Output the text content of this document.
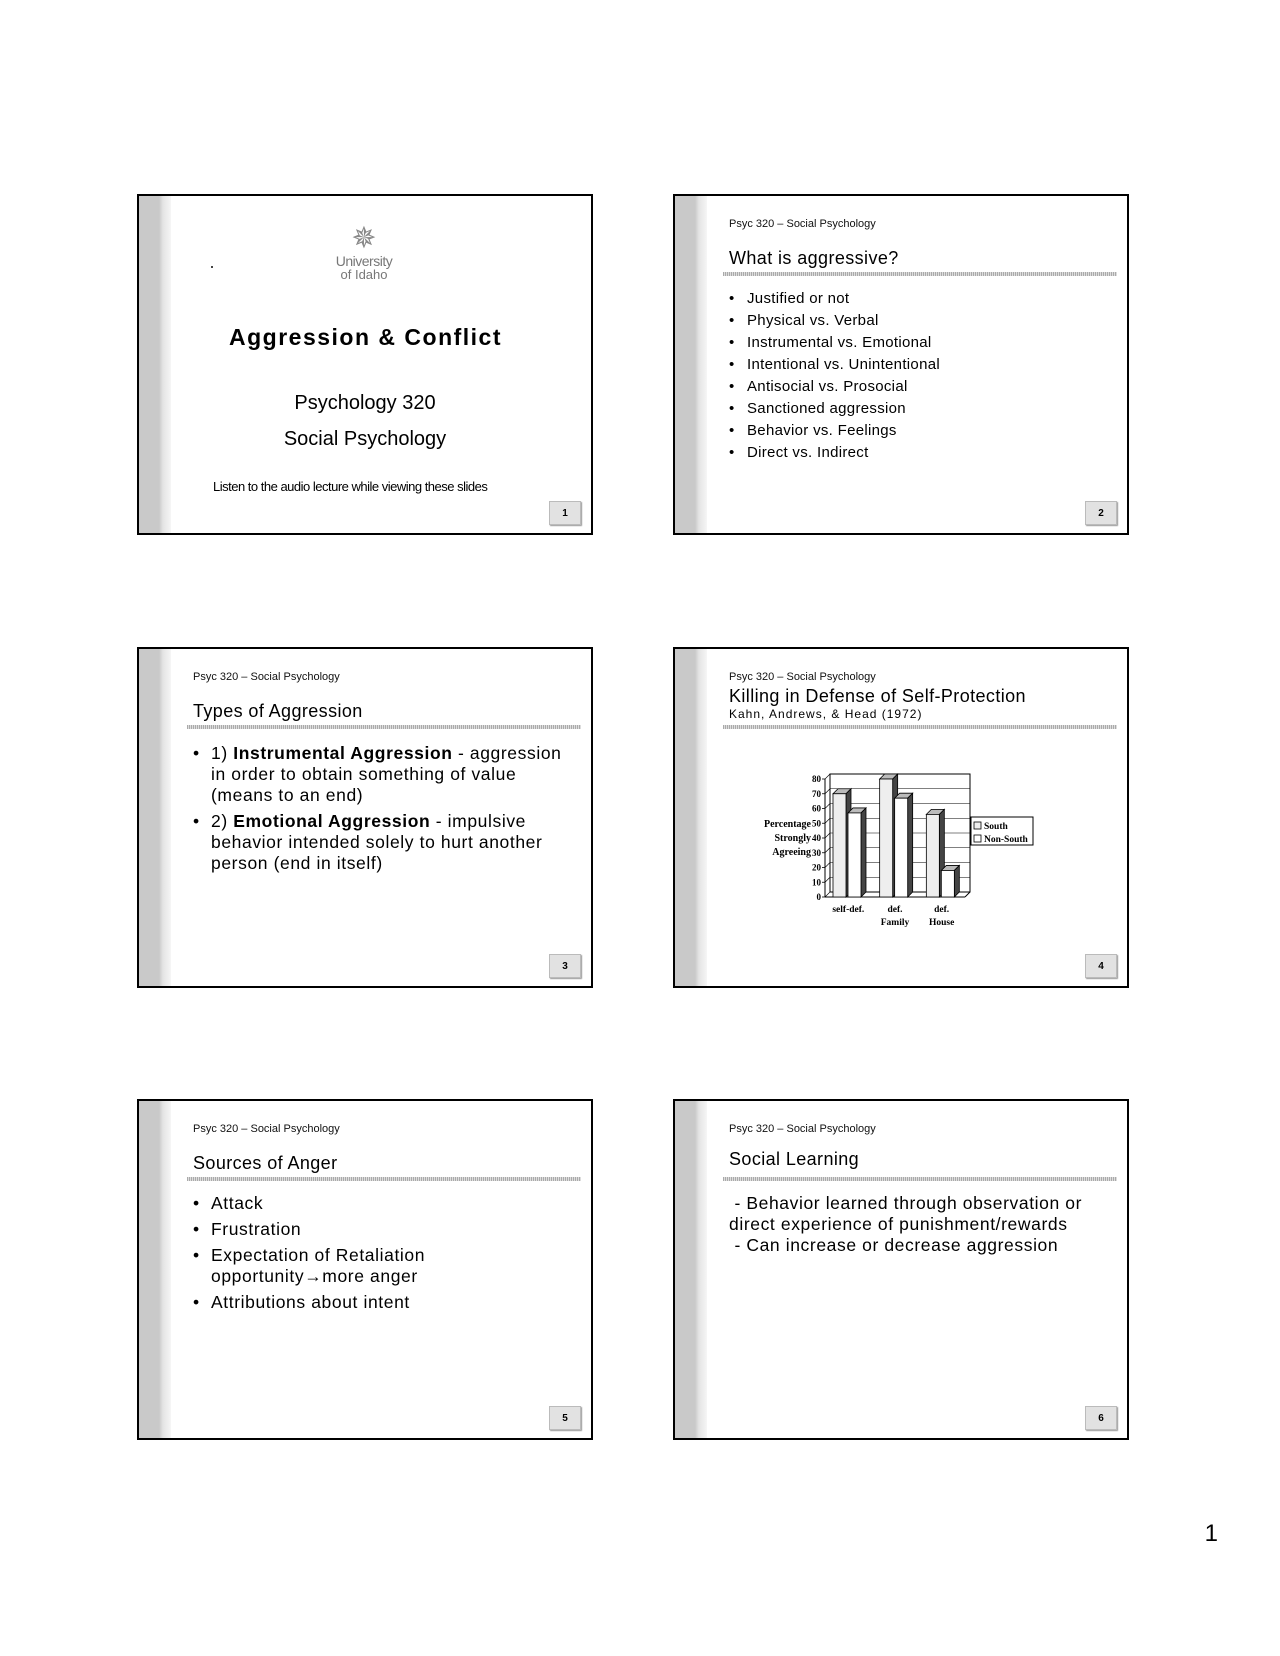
✵
University
of Idaho
Aggression & Conflict
Psychology 320
Social Psychology
Listen to the audio lecture while viewing these slides
1
Psyc 320 – Social Psychology
What is aggressive?
• Justified or not
• Physical vs. Verbal
• Instrumental vs. Emotional
• Intentional vs. Unintentional
• Antisocial vs. Prosocial
• Sanctioned aggression
• Behavior vs. Feelings
• Direct vs. Indirect
2
Psyc 320 – Social Psychology
Types of Aggression
• 1) Instrumental Aggression - aggression in order to obtain something of value (means to an end)
• 2) Emotional Aggression - impulsive behavior intended solely to hurt another person (end in itself)
3
Psyc 320 – Social Psychology
Killing in Defense of Self-Protection
Kahn, Andrews, & Head (1972)
0
10
20
30
40
50
60
70
80
Percentage
Strongly
Agreeing
self-def. def.
Family
def.
House
South
Non-South
4
Psyc 320 – Social Psychology
Sources of Anger
• Attack
• Frustration
• Expectation of Retaliation opportunity→more anger
• Attributions about intent
5
Psyc 320 – Social Psychology
Social Learning
- Behavior learned through observation or direct experience of punishment/rewards
- Can increase or decrease aggression
6
1
